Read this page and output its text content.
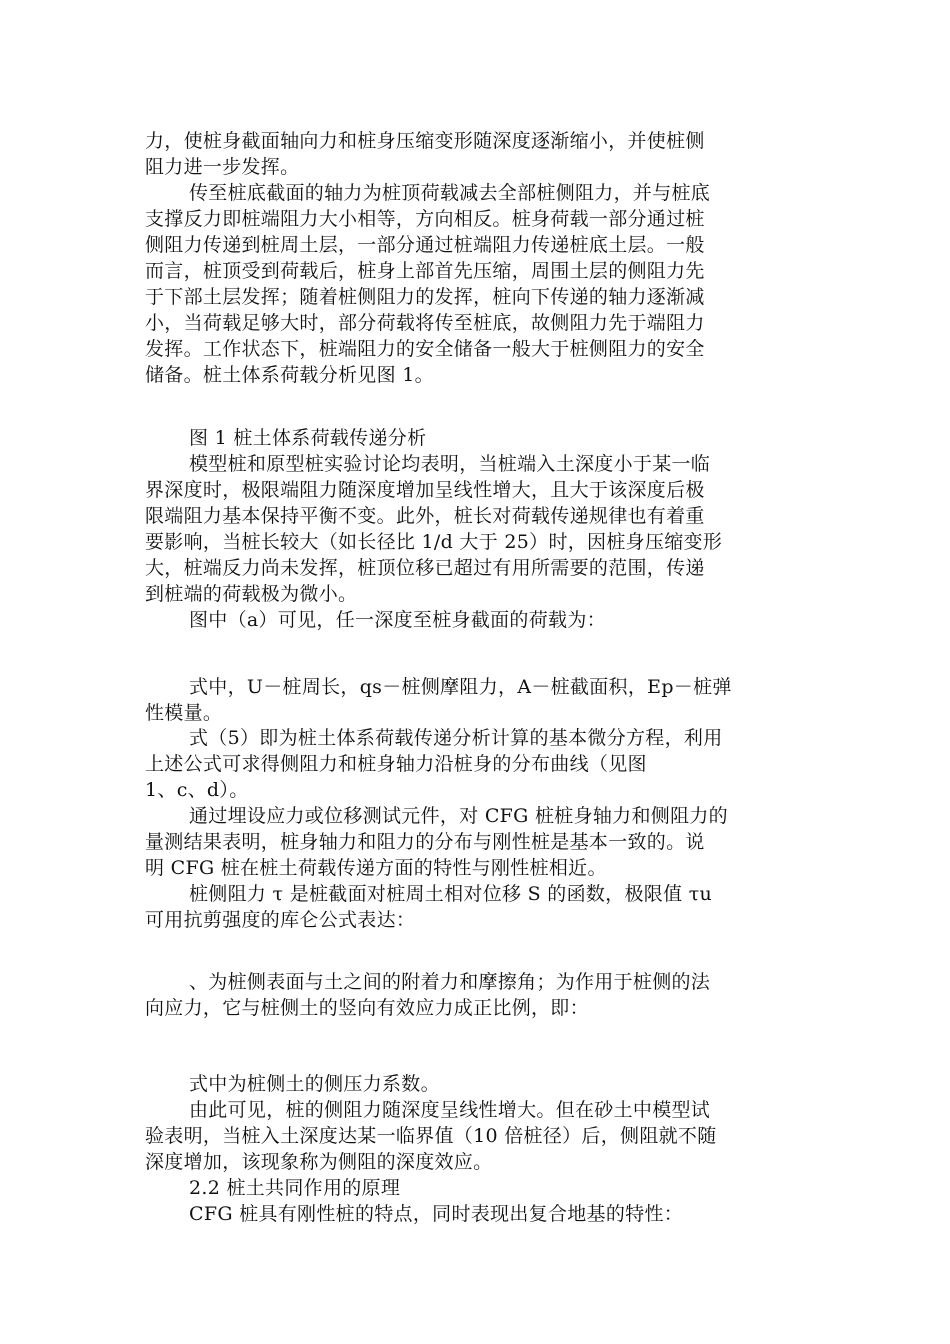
力，使桩身截面轴向力和桩身压缩变形随深度逐渐缩小，并使桩侧
阻力进一步发挥。
传至桩底截面的轴力为桩顶荷载减去全部桩侧阻力，并与桩底
支撑反力即桩端阻力大小相等，方向相反。桩身荷载一部分通过桩
侧阻力传递到桩周土层，一部分通过桩端阻力传递桩底土层。一般
而言，桩顶受到荷载后，桩身上部首先压缩，周围土层的侧阻力先
于下部土层发挥；随着桩侧阻力的发挥，桩向下传递的轴力逐渐减
小，当荷载足够大时，部分荷载将传至桩底，故侧阻力先于端阻力
发挥。工作状态下，桩端阻力的安全储备一般大于桩侧阻力的安全
储备。桩土体系荷载分析见图 1。
图 1 桩土体系荷载传递分析
模型桩和原型桩实验讨论均表明，当桩端入土深度小于某一临
界深度时，极限端阻力随深度增加呈线性增大，且大于该深度后极
限端阻力基本保持平衡不变。此外，桩长对荷载传递规律也有着重
要影响，当桩长较大（如长径比 1/d 大于 25）时，因桩身压缩变形
大，桩端反力尚未发挥，桩顶位移已超过有用所需要的范围，传递
到桩端的荷载极为微小。
图中（a）可见，任一深度至桩身截面的荷载为：
式中，U－桩周长，qs－桩侧摩阻力，A－桩截面积，Ep－桩弹
性模量。
式（5）即为桩土体系荷载传递分析计算的基本微分方程，利用
上述公式可求得侧阻力和桩身轴力沿桩身的分布曲线（见图
1、c、d）。
通过埋设应力或位移测试元件，对 CFG 桩桩身轴力和侧阻力的
量测结果表明，桩身轴力和阻力的分布与刚性桩是基本一致的。说
明 CFG 桩在桩土荷载传递方面的特性与刚性桩相近。
桩侧阻力 τ 是桩截面对桩周土相对位移 S 的函数，极限值 τu
可用抗剪强度的库仑公式表达：
、为桩侧表面与土之间的附着力和摩擦角；为作用于桩侧的法
向应力，它与桩侧土的竖向有效应力成正比例，即：
式中为桩侧土的侧压力系数。
由此可见，桩的侧阻力随深度呈线性增大。但在砂土中模型试
验表明，当桩入土深度达某一临界值（10 倍桩径）后，侧阻就不随
深度增加，该现象称为侧阻的深度效应。
2.2 桩土共同作用的原理
CFG 桩具有刚性桩的特点，同时表现出复合地基的特性：
